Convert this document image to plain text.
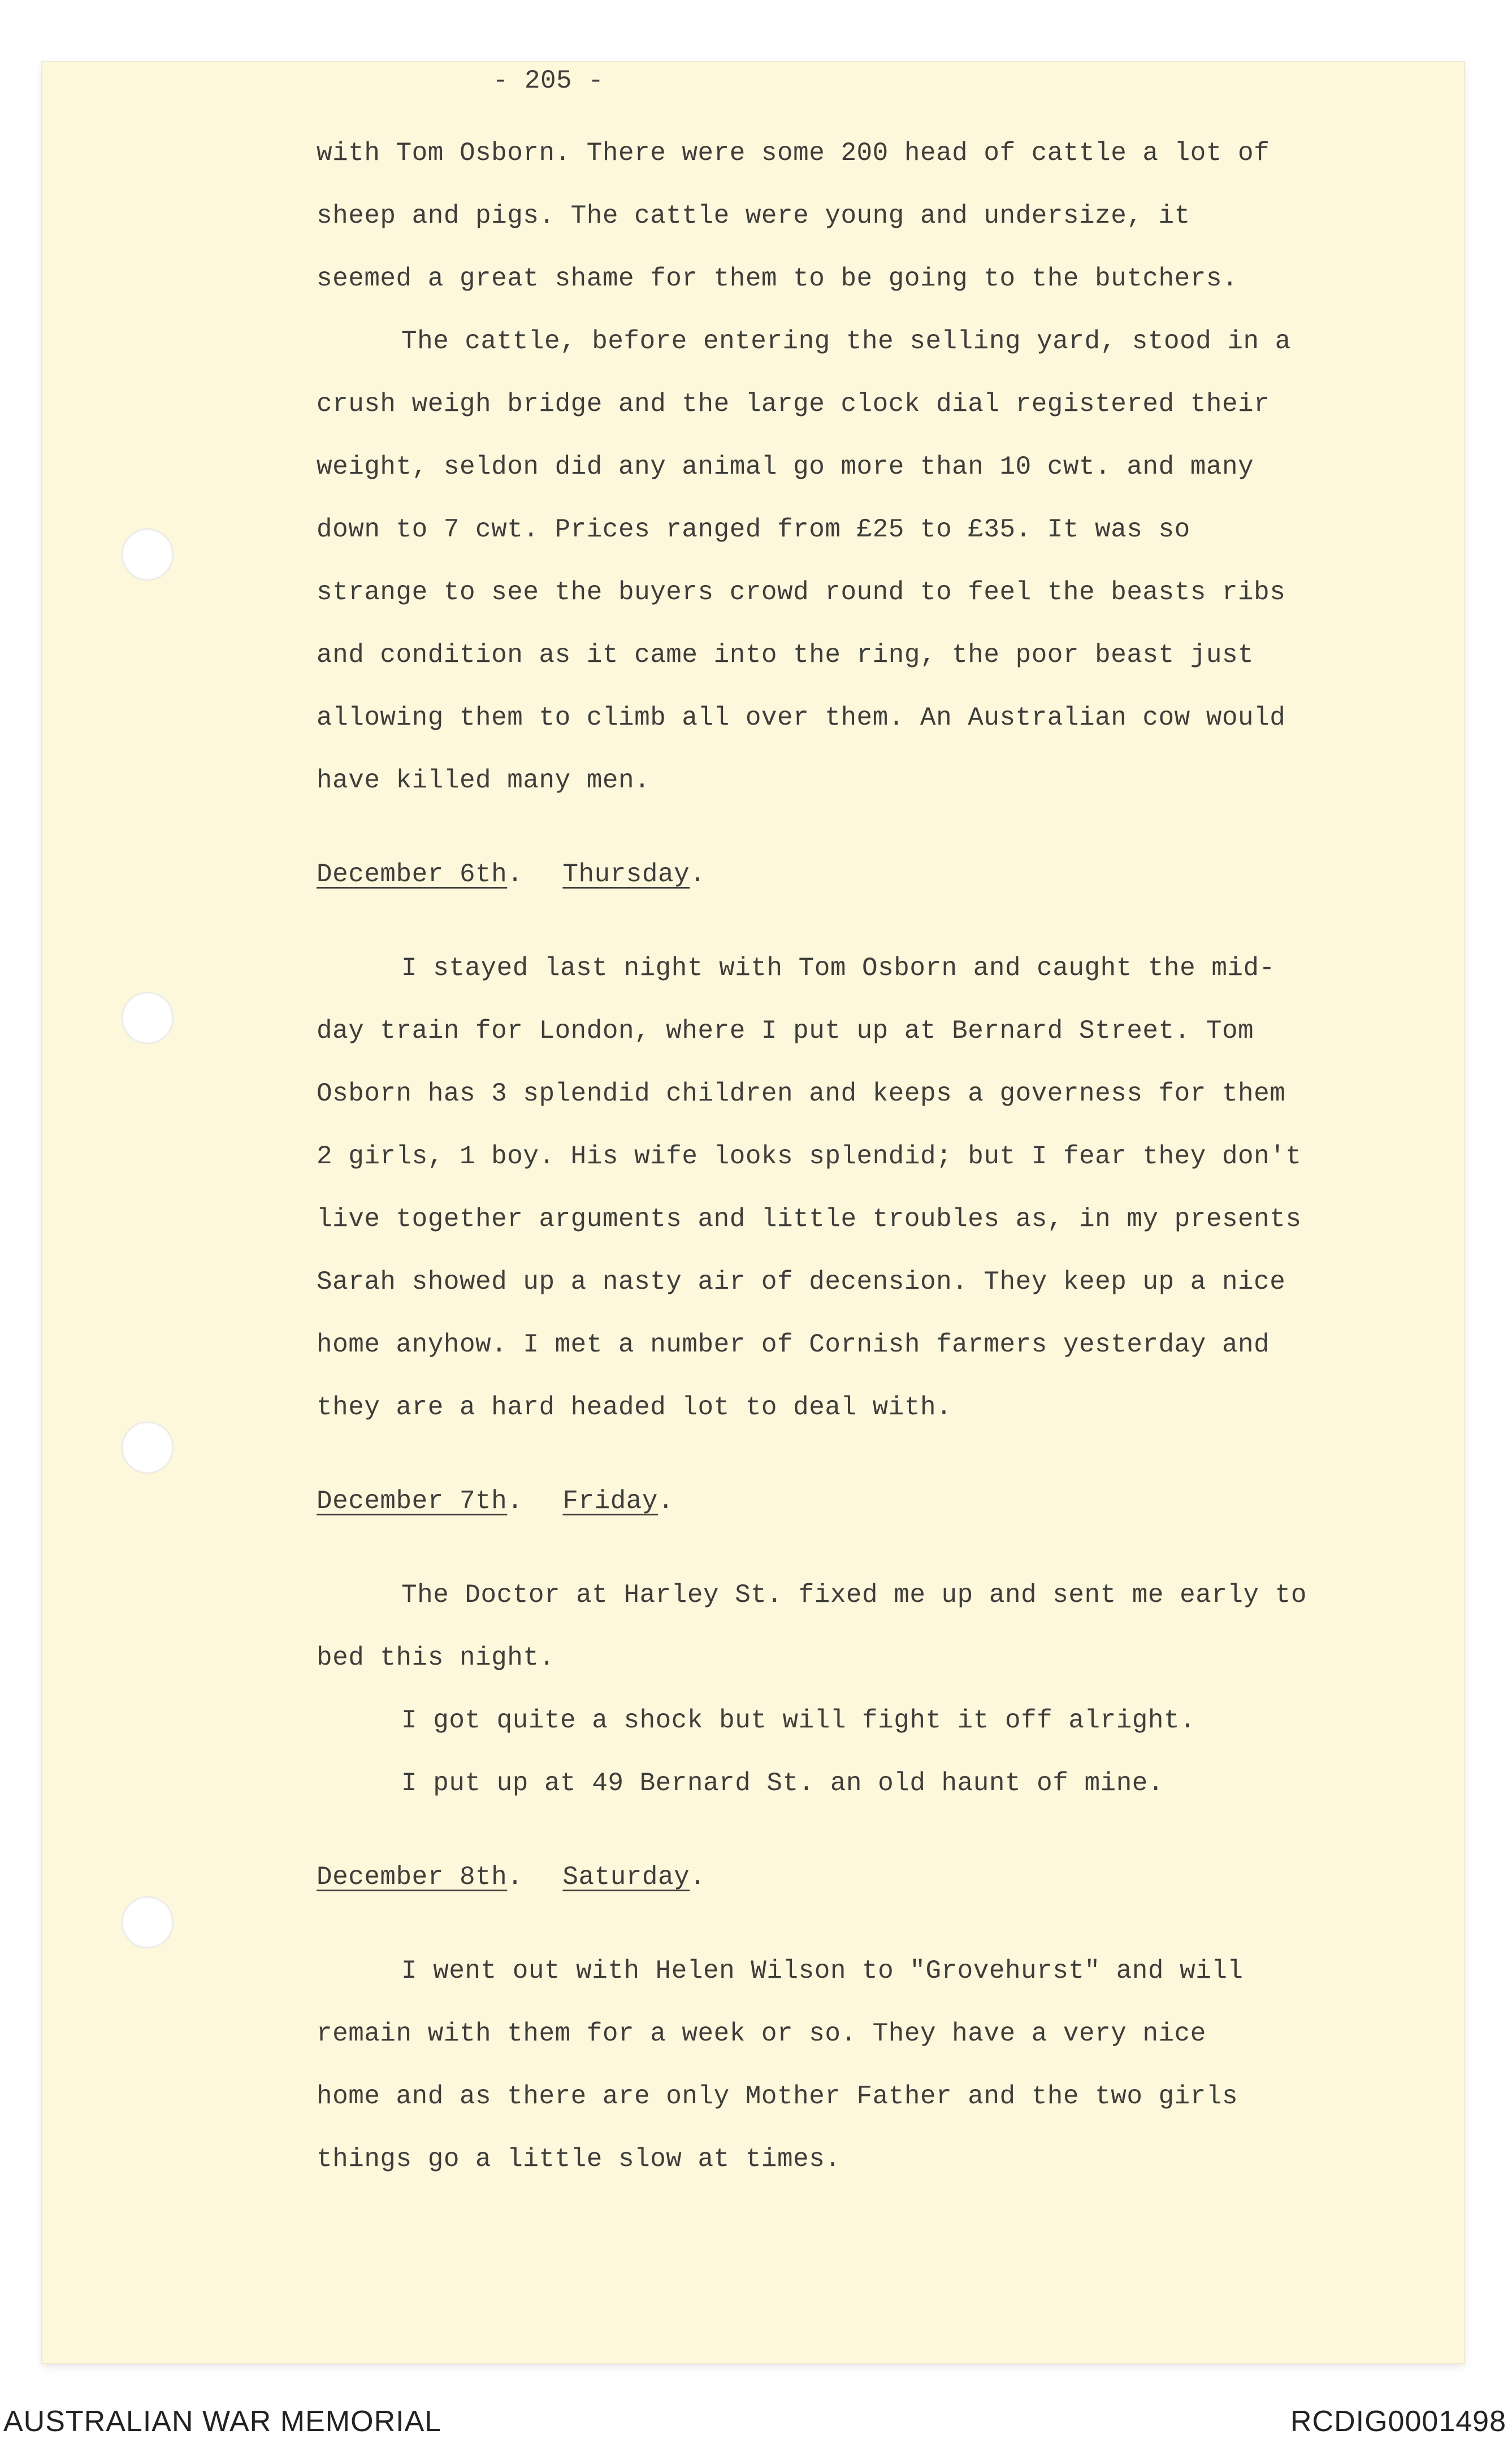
- 205 -
with Tom Osborn. There were some 200 head of cattle a lot of
sheep and pigs. The cattle were young and undersize, it
seemed a great shame for them to be going to the butchers.
The cattle, before entering the selling yard, stood in a
crush weigh bridge and the large clock dial registered their
weight, seldon did any animal go more than 10 cwt. and many
down to 7 cwt. Prices ranged from £25 to £35. It was so
strange to see the buyers crowd round to feel the beasts ribs
and condition as it came into the ring, the poor beast just
allowing them to climb all over them. An Australian cow would
have killed many men.
December 6th. Thursday.
I stayed last night with Tom Osborn and caught the mid-
day train for London, where I put up at Bernard Street. Tom
Osborn has 3 splendid children and keeps a governess for them
2 girls, 1 boy. His wife looks splendid; but I fear they don't
live together arguments and little troubles as, in my presents
Sarah showed up a nasty air of decension. They keep up a nice
home anyhow. I met a number of Cornish farmers yesterday and
they are a hard headed lot to deal with.
December 7th. Friday.
The Doctor at Harley St. fixed me up and sent me early to
bed this night.
I got quite a shock but will fight it off alright.
I put up at 49 Bernard St. an old haunt of mine.
December 8th. Saturday.
I went out with Helen Wilson to "Grovehurst" and will
remain with them for a week or so. They have a very nice
home and as there are only Mother Father and the two girls
things go a little slow at times.
AUSTRALIAN WAR MEMORIAL	RCDIG0001498
